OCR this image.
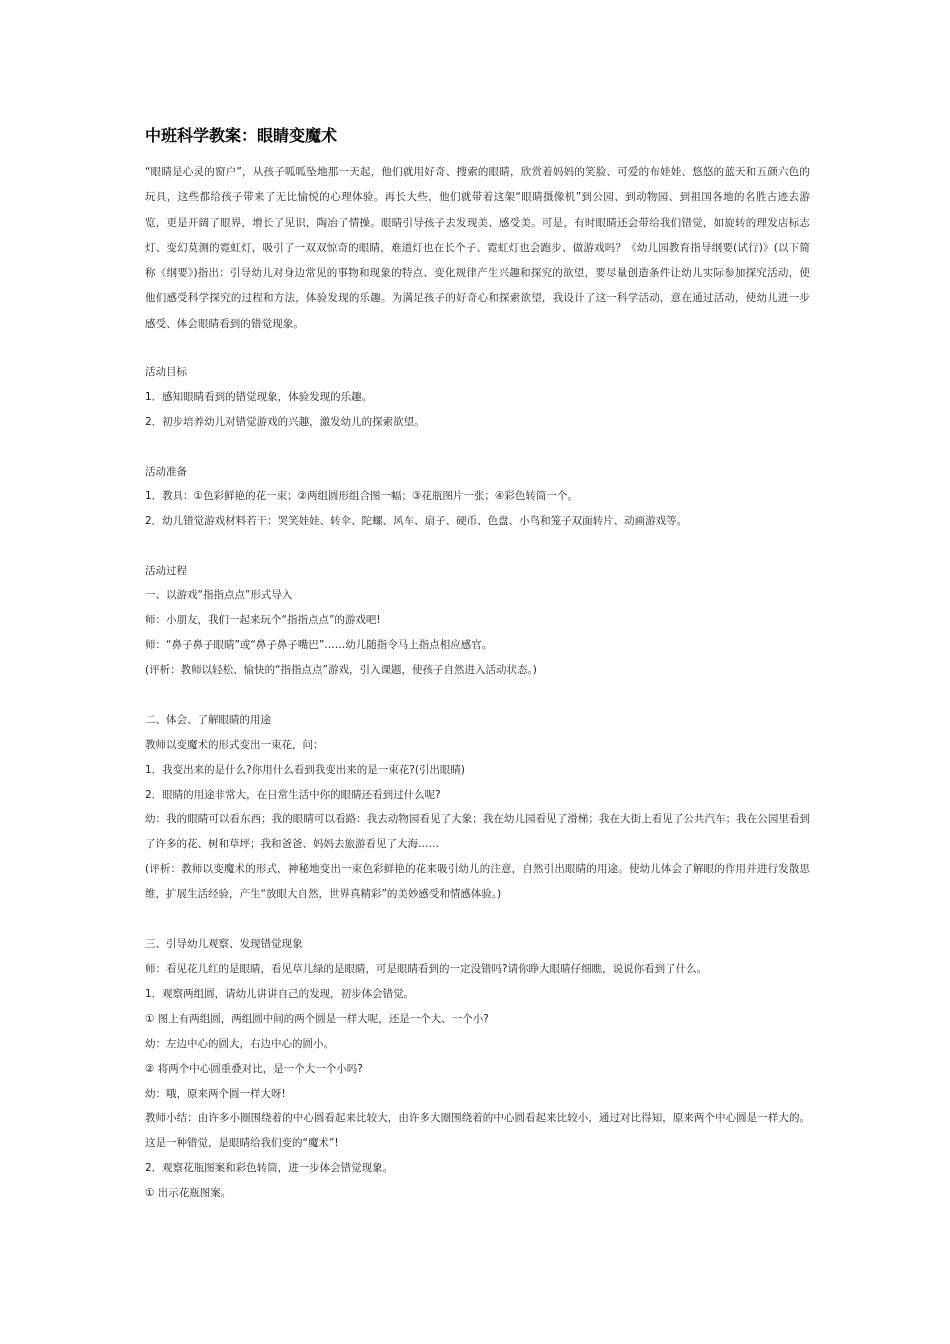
中班科学教案：眼睛变魔术

“眼睛是心灵的窗户”，从孩子呱呱坠地那一天起，他们就用好奇、搜索的眼睛，欣赏着妈妈的笑脸、可爱的布娃娃、悠悠的蓝天和五颜六色的玩具，这些都给孩子带来了无比愉悦的心理体验。再长大些，他们就带着这架“眼睛摄像机”到公园、到动物园、到祖国各地的名胜古迹去游览，更是开阔了眼界，增长了见识，陶冶了情操。眼睛引导孩子去发现美、感受美。可是，有时眼睛还会带给我们错觉，如旋转的理发店标志灯、变幻莫测的霓虹灯，吸引了一双双惊奇的眼睛，难道灯也在长个子、霓虹灯也会跑步、做游戏吗？《幼儿园教育指导纲要(试行)》(以下简称《纲要》)指出：引导幼儿对身边常见的事物和现象的特点、变化规律产生兴趣和探究的欲望，要尽量创造条件让幼儿实际参加探究活动，使他们感受科学探究的过程和方法，体验发现的乐趣。为满足孩子的好奇心和探索欲望，我设计了这一科学活动，意在通过活动，使幼儿进一步感受、体会眼睛看到的错觉现象。

活动目标

1．感知眼睛看到的错觉现象，体验发现的乐趣。

2．初步培养幼儿对错觉游戏的兴趣，激发幼儿的探索欲望。

活动准备

1．教具：①色彩鲜艳的花一束；②两组圆形组合图一幅；③花瓶图片一张；④彩色转筒一个。

2．幼儿错觉游戏材料若干：哭笑娃娃、转伞、陀螺、风车、扇子、硬币、色盘、小鸟和笼子双面转片、动画游戏等。

活动过程

一、以游戏“指指点点”形式导入

师：小朋友，我们一起来玩个“指指点点”的游戏吧!

师：“鼻子鼻子眼睛”或“鼻子鼻子嘴巴”……幼儿随指令马上指点相应感官。

(评析：教师以轻松、愉快的“指指点点”游戏，引入课题，使孩子自然进入活动状态。)

二、体会、了解眼睛的用途

教师以变魔术的形式变出一束花，问：

1．我变出来的是什么?你用什么看到我变出来的是一束花?(引出眼睛)

2．眼睛的用途非常大，在日常生活中你的眼睛还看到过什么呢?

幼：我的眼睛可以看东西；我的眼睛可以看路：我去动物园看见了大象；我在幼儿园看见了滑梯；我在大街上看见了公共汽车；我在公园里看到了许多的花、树和草坪；我和爸爸、妈妈去旅游看见了大海……

(评析：教师以变魔术的形式，神秘地变出一束色彩鲜艳的花来吸引幼儿的注意，自然引出眼睛的用途。使幼儿体会了解眼的作用并进行发散思维，扩展生活经验，产生“放眼大自然，世界真精彩”的美妙感受和情感体验。)

三、引导幼儿观察、发现错觉现象

师：看见花儿红的是眼睛，看见草儿绿的是眼睛，可是眼睛看到的一定没错吗?请你睁大眼睛仔细瞧，说说你看到了什么。

1．观察两组圆，请幼儿讲讲自己的发现，初步体会错觉。

① 图上有两组圆，两组圆中间的两个圆是一样大呢，还是一个大、一个小?

幼：左边中心的圆大，右边中心的圆小。

② 将两个中心圆重叠对比，是一个大一个小吗?

幼：哦，原来两个圆一样大呀!

教师小结：由许多小圈围绕着的中心圆看起来比较大，由许多大圈围绕着的中心圆看起来比较小，通过对比得知，原来两个中心圆是一样大的。这是一种错觉，是眼睛给我们变的“魔术”!

2．观察花瓶图案和彩色转筒，进一步体会错觉现象。

① 出示花瓶图案。
